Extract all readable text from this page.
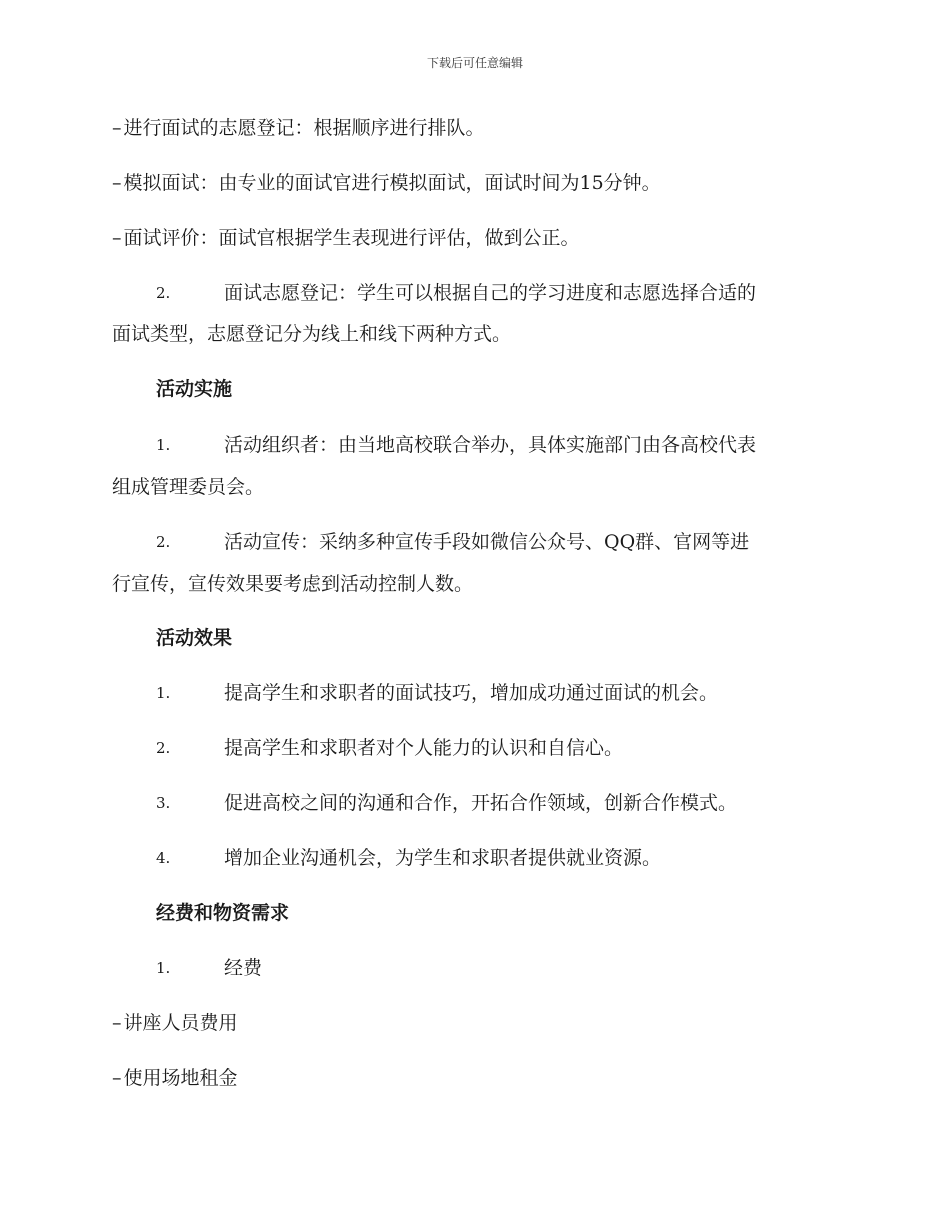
下载后可任意编辑
– 进行面试的志愿登记：根据顺序进行排队。
– 模拟面试：由专业的面试官进行模拟面试，面试时间为15分钟。
– 面试评价：面试官根据学生表现进行评估，做到公正。
2.	面试志愿登记：学生可以根据自己的学习进度和志愿选择合适的
面试类型，志愿登记分为线上和线下两种方式。
活动实施
1.	活动组织者：由当地高校联合举办，具体实施部门由各高校代表
组成管理委员会。
2.	活动宣传：采纳多种宣传手段如微信公众号、QQ群、官网等进
行宣传，宣传效果要考虑到活动控制人数。
活动效果
1.	提高学生和求职者的面试技巧，增加成功通过面试的机会。
2.	提高学生和求职者对个人能力的认识和自信心。
3.	促进高校之间的沟通和合作，开拓合作领域，创新合作模式。
4.	增加企业沟通机会，为学生和求职者提供就业资源。
经费和物资需求
1.	经费
– 讲座人员费用
– 使用场地租金
